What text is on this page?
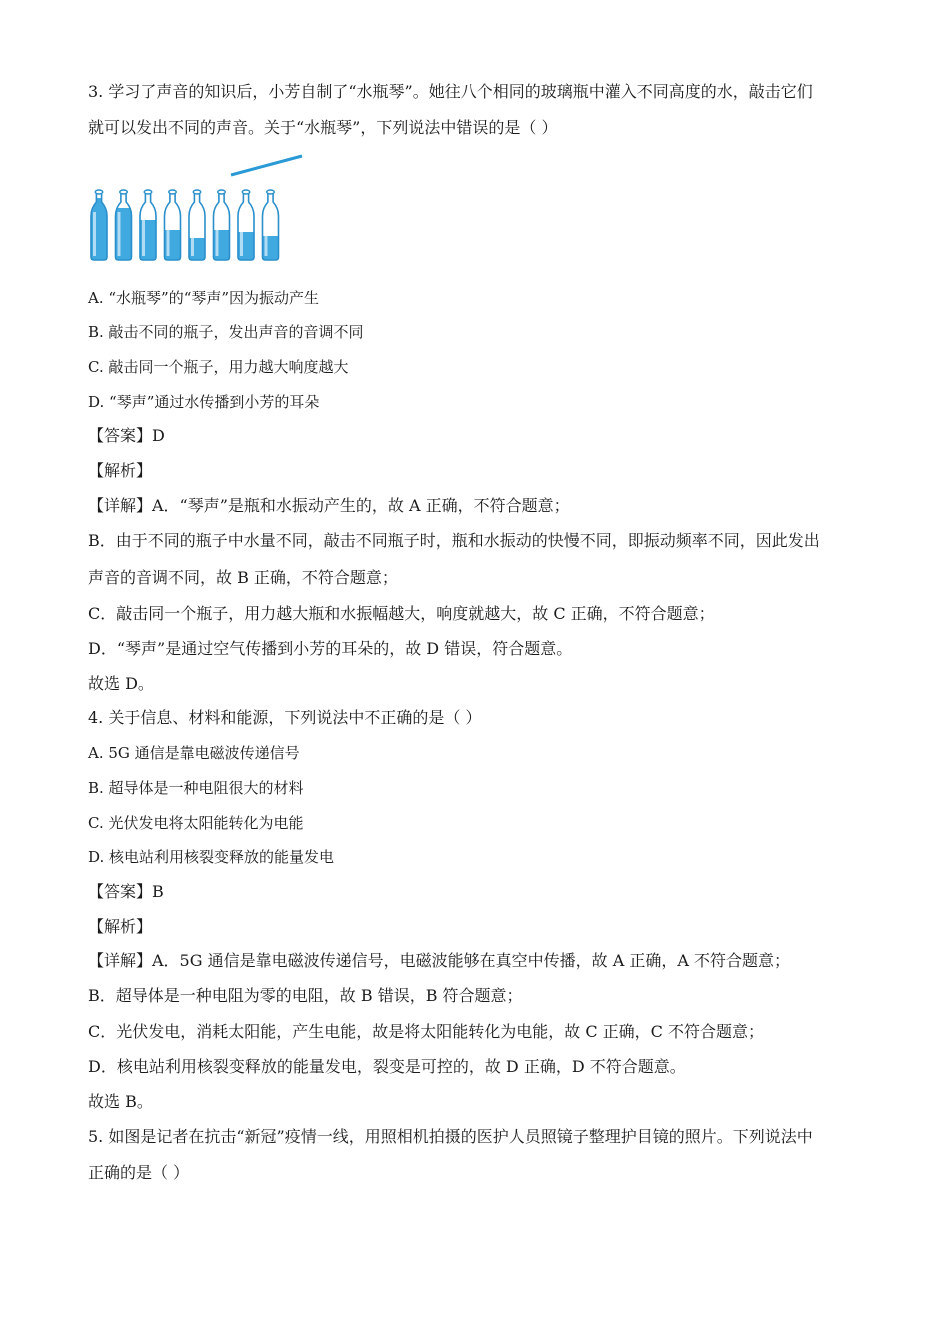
3. 学习了声音的知识后，小芳自制了“水瓶琴”。她往八个相同的玻璃瓶中灌入不同高度的水，敲击它们
就可以发出不同的声音。关于“水瓶琴”，下列说法中错误的是（ ）
A. “水瓶琴”的“琴声”因为振动产生
B. 敲击不同的瓶子，发出声音的音调不同
C. 敲击同一个瓶子，用力越大响度越大
D. “琴声”通过水传播到小芳的耳朵
【答案】D
【解析】
【详解】A．“琴声”是瓶和水振动产生的，故 A 正确，不符合题意；
B．由于不同的瓶子中水量不同，敲击不同瓶子时，瓶和水振动的快慢不同，即振动频率不同，因此发出
声音的音调不同，故 B 正确，不符合题意；
C．敲击同一个瓶子，用力越大瓶和水振幅越大，响度就越大，故 C 正确，不符合题意；
D．“琴声”是通过空气传播到小芳的耳朵的，故 D 错误，符合题意。
故选 D。
4. 关于信息、材料和能源，下列说法中不正确的是（ ）
A. 5G 通信是靠电磁波传递信号
B. 超导体是一种电阻很大的材料
C. 光伏发电将太阳能转化为电能
D. 核电站利用核裂变释放的能量发电
【答案】B
【解析】
【详解】A．5G 通信是靠电磁波传递信号，电磁波能够在真空中传播，故 A 正确，A 不符合题意；
B．超导体是一种电阻为零的电阻，故 B 错误，B 符合题意；
C．光伏发电，消耗太阳能，产生电能，故是将太阳能转化为电能，故 C 正确，C 不符合题意；
D．核电站利用核裂变释放的能量发电，裂变是可控的，故 D 正确，D 不符合题意。
故选 B。
5. 如图是记者在抗击“新冠”疫情一线，用照相机拍摄的医护人员照镜子整理护目镜的照片。下列说法中
正确的是（ ）
